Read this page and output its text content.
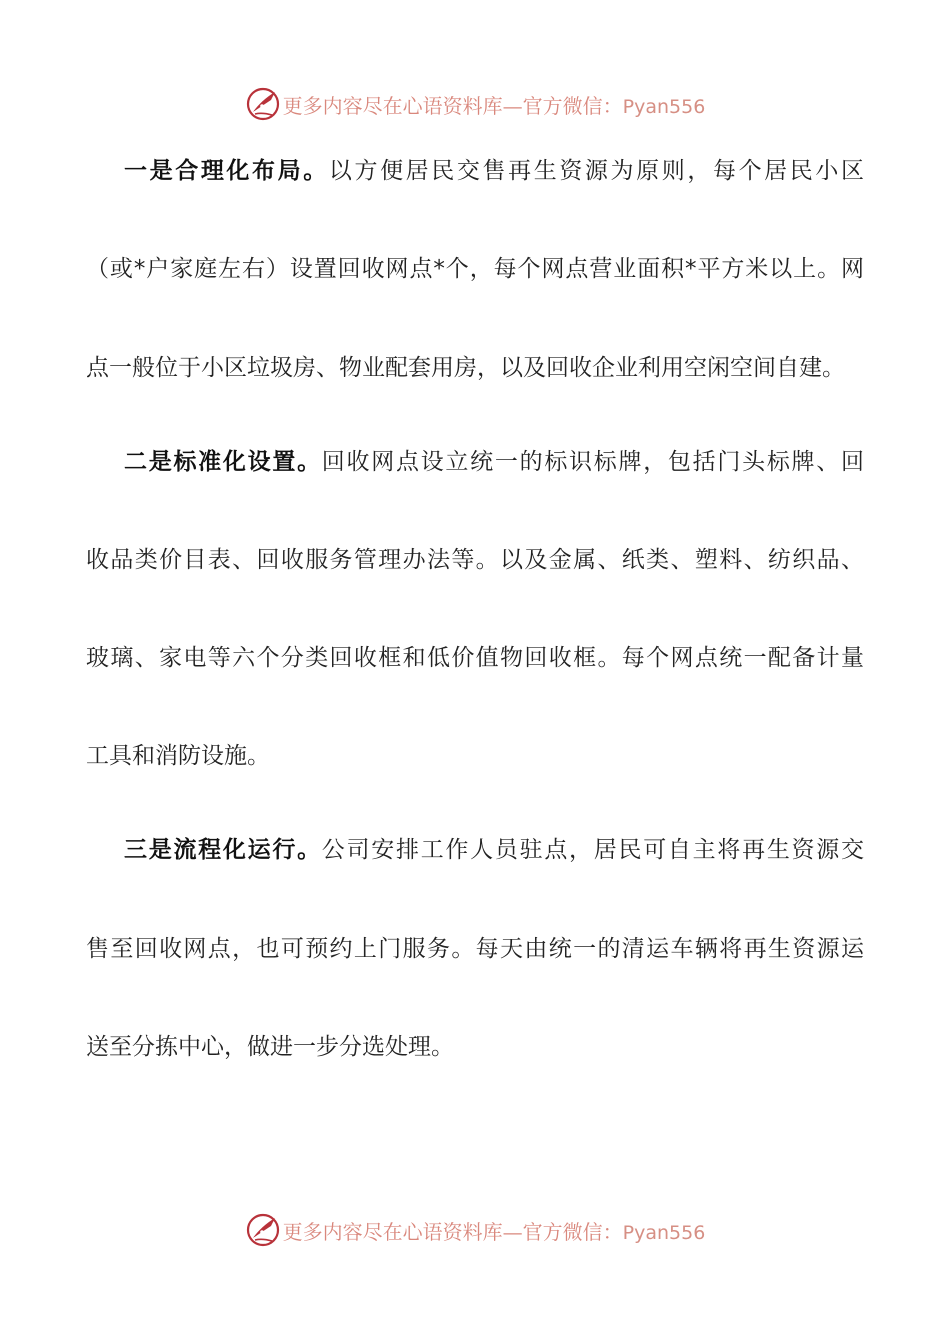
更多内容尽在心语资料库—官方微信：Pyan556
一是合理化布局。以方便居民交售再生资源为原则，每个居民小区
（或*户家庭左右）设置回收网点*个，每个网点营业面积*平方米以上。网
点一般位于小区垃圾房、物业配套用房，以及回收企业利用空闲空间自建。
二是标准化设置。回收网点设立统一的标识标牌，包括门头标牌、回
收品类价目表、回收服务管理办法等。以及金属、纸类、塑料、纺织品、
玻璃、家电等六个分类回收框和低价值物回收框。每个网点统一配备计量
工具和消防设施。
三是流程化运行。公司安排工作人员驻点，居民可自主将再生资源交
售至回收网点，也可预约上门服务。每天由统一的清运车辆将再生资源运
送至分拣中心，做进一步分选处理。
更多内容尽在心语资料库—官方微信：Pyan556
